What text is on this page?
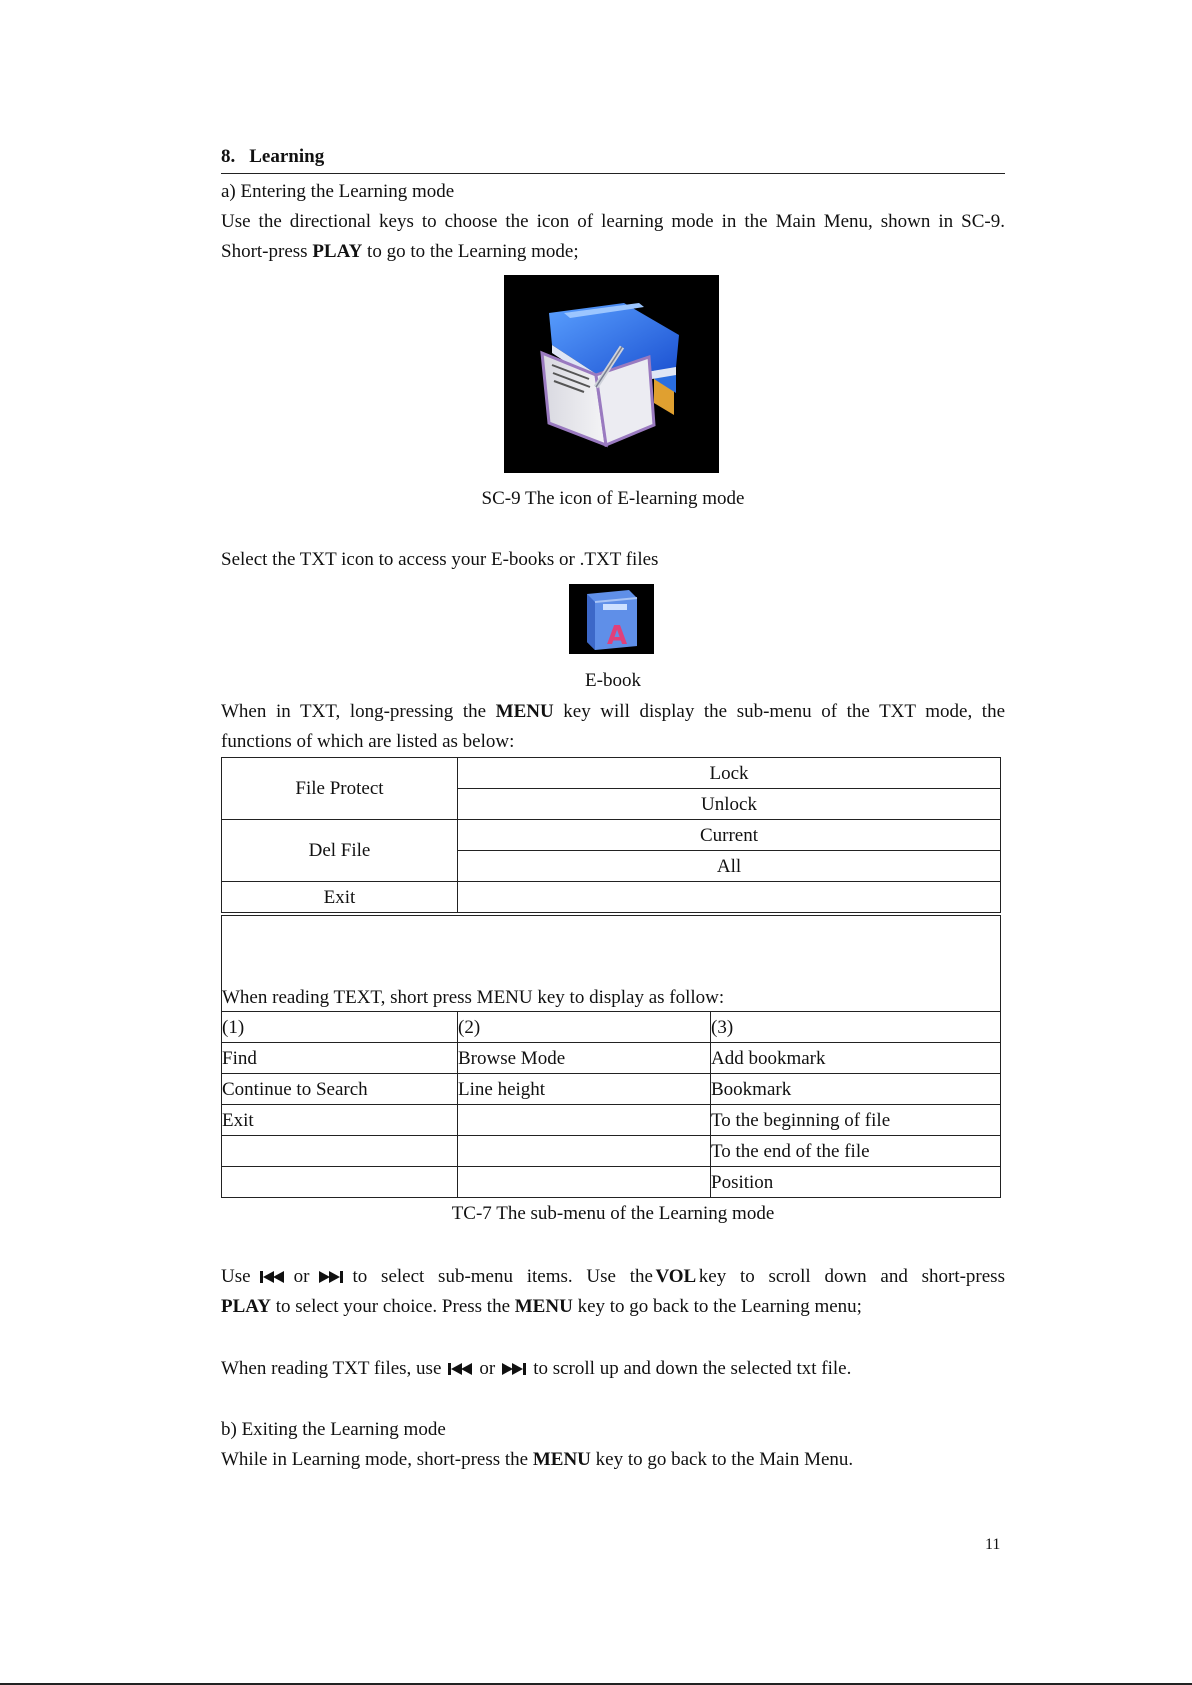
8. Learning
a) Entering the Learning mode
Use the directional keys to choose the icon of learning mode in the Main Menu, shown in SC-9.
Short-press PLAY to go to the Learning mode;
SC-9 The icon of E-learning mode
Select the TXT icon to access your E-books or .TXT files
A
E-book
When in TXT, long-pressing the MENU key will display the sub-menu of the TXT mode, the
functions of which are listed as below:
File Protect	Lock
	Unlock
Del File	Current
	All
Exit	
When reading TEXT, short press MENU key to display as follow:		
(1)	(2)	(3)
Find	Browse Mode	Add bookmark
Continue to Search	Line height	Bookmark
Exit		To the beginning of file
		To the end of the file
		Position
TC-7 The sub-menu of the Learning mode
Use or to select sub-menu items. Use the VOL key to scroll down and short-press
PLAY to select your choice. Press the MENU key to go back to the Learning menu;
When reading TXT files, use or to scroll up and down the selected txt file.
b) Exiting the Learning mode
While in Learning mode, short-press the MENU key to go back to the Main Menu.
11
